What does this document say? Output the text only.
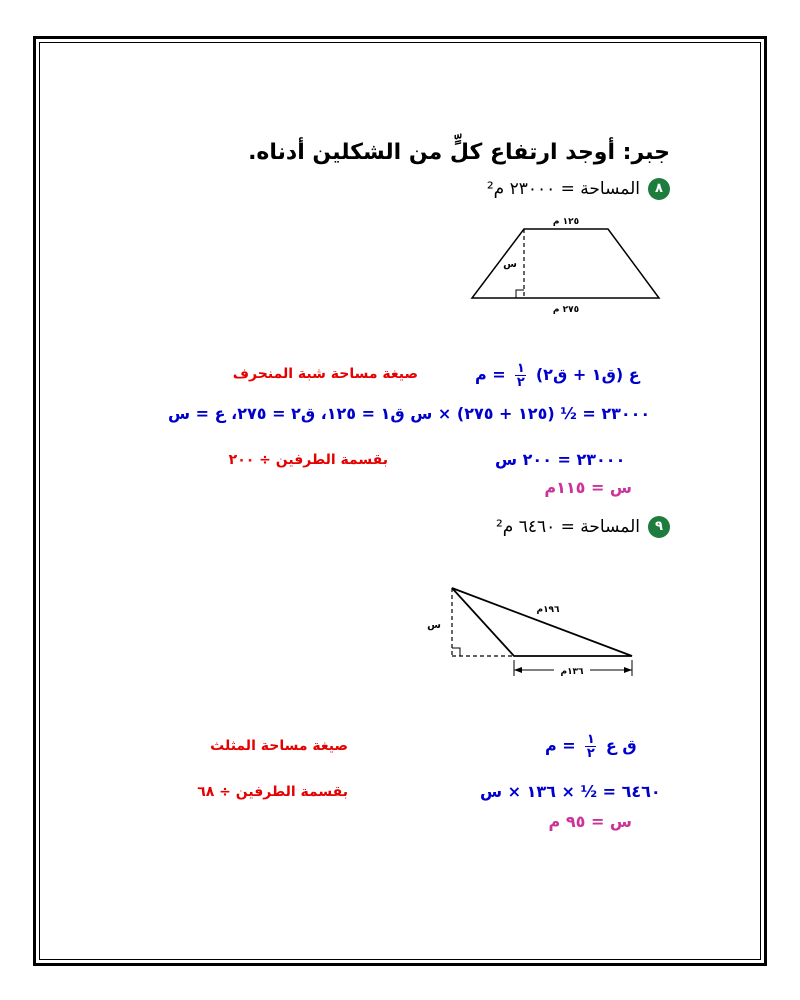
جبر: أوجد ارتفاع كلٍّ من الشكلين أدناه.
٨المساحة = ٢٣٠٠٠ م²
١٢٥ م
٢٧٥ م
س
ع (ق١ + ق٢)
$\frac{١}{٢}$
= م
صيغة مساحة شبة المنحرف
٢٣٠٠٠ = ½ (١٢٥ + ٢٧٥) × س ق١ = ١٢٥، ق٢ = ٢٧٥، ع = س
٢٣٠٠٠ = ٢٠٠ س
بقسمة الطرفين ÷ ٢٠٠
س = ١١٥م
٩المساحة = ٦٤٦٠ م²
١٣٦م
١٩٦م
س
ق ع
$\frac{١}{٢}$
= م
صيغة مساحة المثلث
٦٤٦٠ = ½ × ١٣٦ × س
بقسمة الطرفين ÷ ٦٨
س = ٩٥ م
